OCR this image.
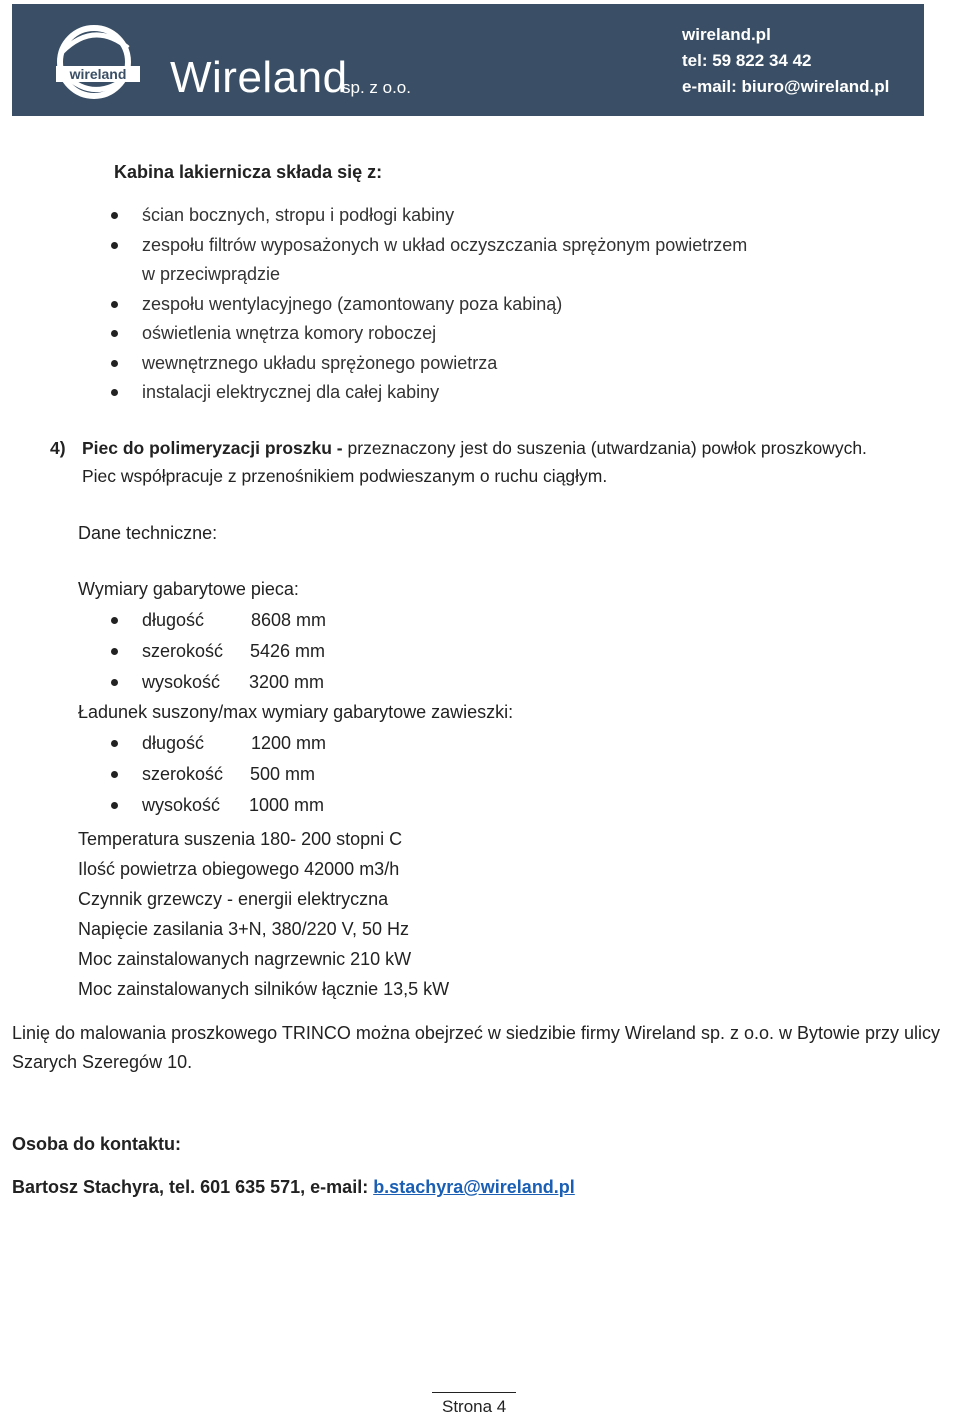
wireland Wireland
sp. z o.o.
wireland.pl
tel: 59 822 34 42
e-mail: biuro@wireland.pl
Kabina lakiernicza składa się z:
ścian bocznych, stropu i podłogi kabiny
zespołu filtrów wyposażonych w układ oczyszczania sprężonym powietrzem
w przeciwprądzie
zespołu wentylacyjnego (zamontowany poza kabiną)
oświetlenia wnętrza komory roboczej
wewnętrznego układu sprężonego powietrza
instalacji elektrycznej dla całej kabiny
4) Piec do polimeryzacji proszku - przeznaczony jest do suszenia (utwardzania) powłok proszkowych.
Piec współpracuje z przenośnikiem podwieszanym o ruchu ciągłym.
Dane techniczne:
Wymiary gabarytowe pieca:
długość	8608 mm
szerokość 5426 mm
wysokość 3200 mm
Ładunek suszony/max wymiary gabarytowe zawieszki:
długość	1200 mm
szerokość 500 mm
wysokość 1000 mm
Temperatura suszenia 180- 200 stopni C
Ilość powietrza obiegowego 42000 m3/h
Czynnik grzewczy - energii elektryczna
Napięcie zasilania 3+N, 380/220 V, 50 Hz
Moc zainstalowanych nagrzewnic 210 kW
Moc zainstalowanych silników łącznie 13,5 kW
Linię do malowania proszkowego TRINCO można obejrzeć w siedzibie firmy Wireland sp. z o.o. w Bytowie przy ulicy Szarych Szeregów 10.
Osoba do kontaktu:
Bartosz Stachyra, tel. 601 635 571, e-mail: b.stachyra@wireland.pl
Strona 4
